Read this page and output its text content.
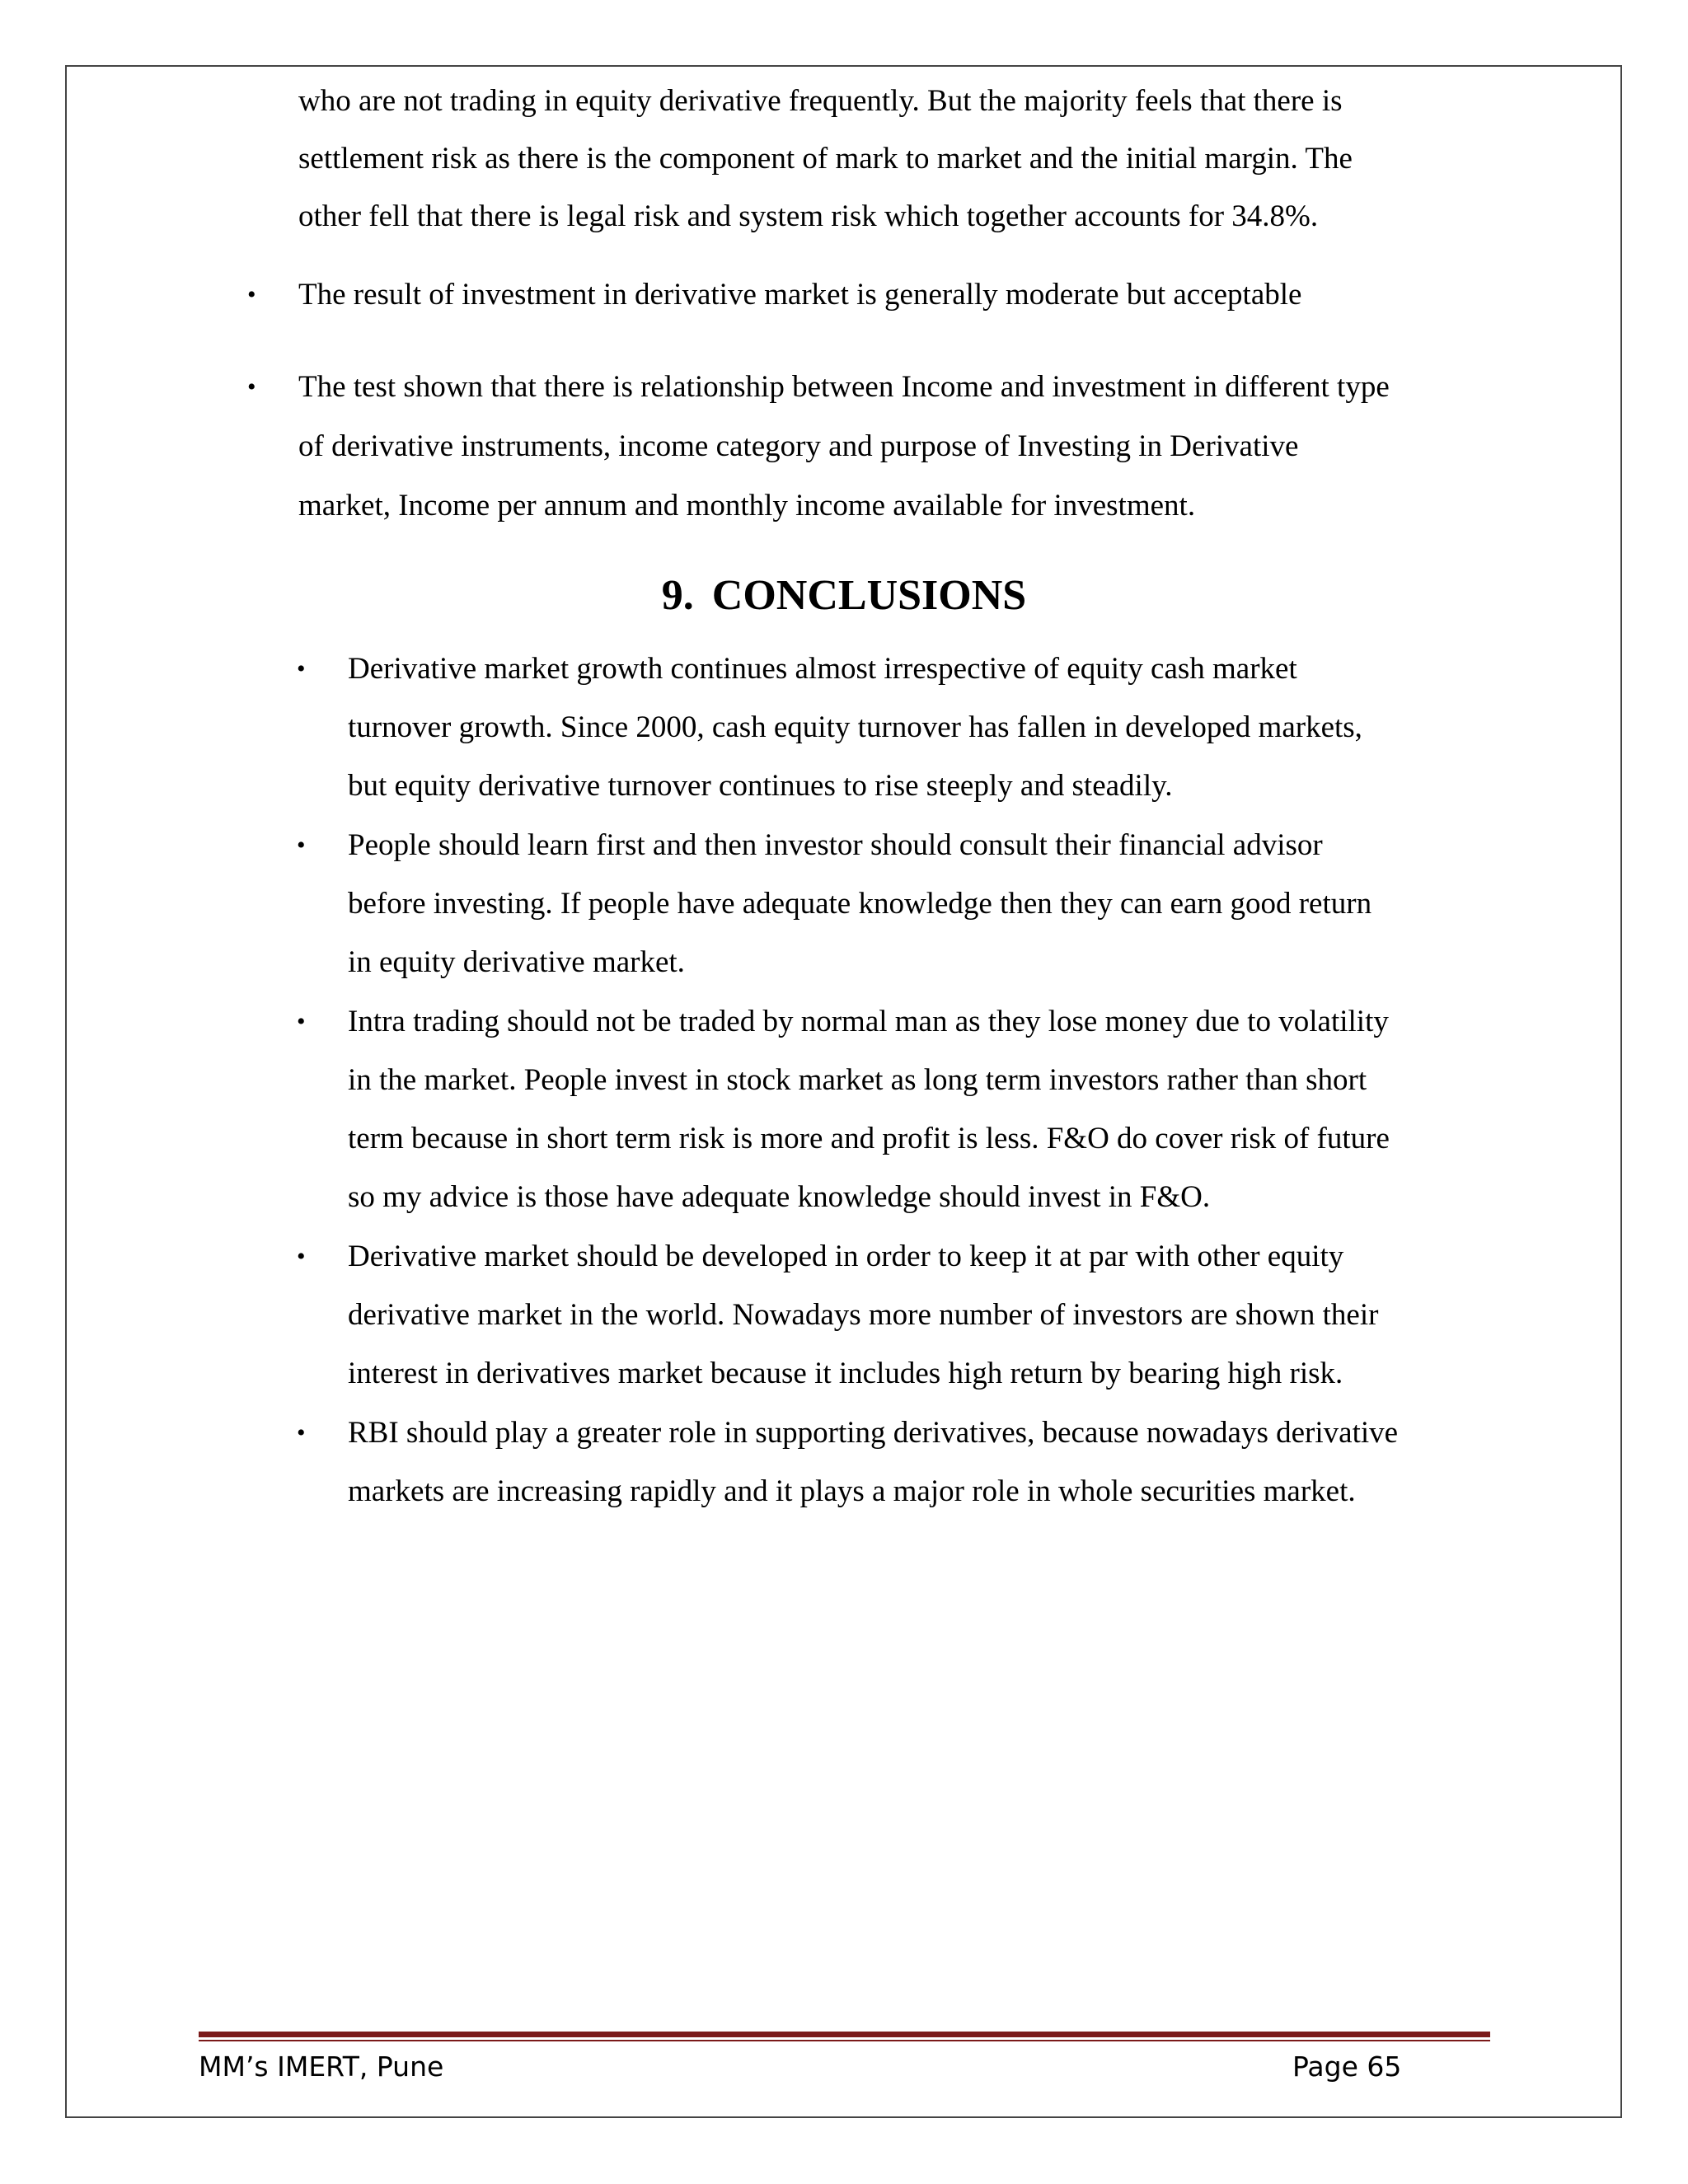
who are not trading in equity derivative frequently. But the majority feels that there is
settlement risk as there is the component of mark to market and the initial margin. The
other fell that there is legal risk and system risk which together accounts for 34.8%.

• The result of investment in derivative market is generally moderate but acceptable

• The test shown that there is relationship between Income and investment in different type
of derivative instruments, income category and purpose of Investing in Derivative
market, Income per annum and monthly income available for investment.

9. CONCLUSIONS

• Derivative market growth continues almost irrespective of equity cash market
turnover growth. Since 2000, cash equity turnover has fallen in developed markets,
but equity derivative turnover continues to rise steeply and steadily.

• People should learn first and then investor should consult their financial advisor
before investing. If people have adequate knowledge then they can earn good return
in equity derivative market.

• Intra trading should not be traded by normal man as they lose money due to volatility
in the market. People invest in stock market as long term investors rather than short
term because in short term risk is more and profit is less. F&O do cover risk of future
so my advice is those have adequate knowledge should invest in F&O.

• Derivative market should be developed in order to keep it at par with other equity
derivative market in the world. Nowadays more number of investors are shown their
interest in derivatives market because it includes high return by bearing high risk.

• RBI should play a greater role in supporting derivatives, because nowadays derivative
markets are increasing rapidly and it plays a major role in whole securities market.

MM’s IMERT, Pune	Page 65
